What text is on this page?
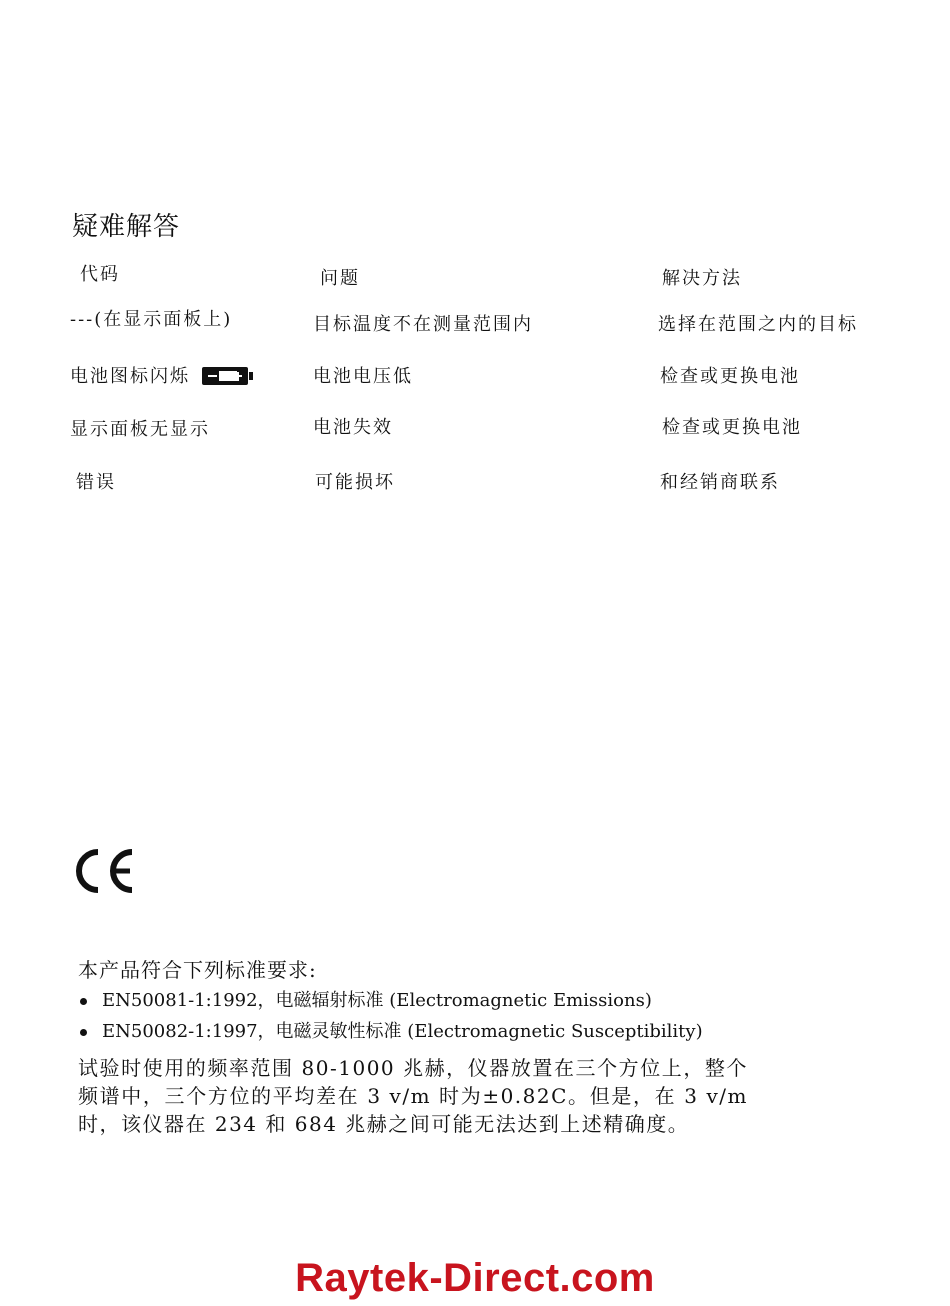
疑难解答
代码	问题	解决方法
---(在显示面板上)	目标温度不在测量范围内	选择在范围之内的目标
电池图标闪烁	电池电压低	检查或更换电池
显示面板无显示	电池失效	检查或更换电池
错误	可能损坏	和经销商联系
本产品符合下列标准要求:
EN50081-1:1992，电磁辐射标准 (Electromagnetic Emissions)
EN50082-1:1997，电磁灵敏性标准 (Electromagnetic Susceptibility)

试验时使用的频率范围 80-1000 兆赫，仪器放置在三个方位上，整个频谱中，三个方位的平均差在 3 v/m 时为±0.82C。但是，在 3 v/m 时，该仪器在 234 和 684 兆赫之间可能无法达到上述精确度。

Raytek-Direct.com
